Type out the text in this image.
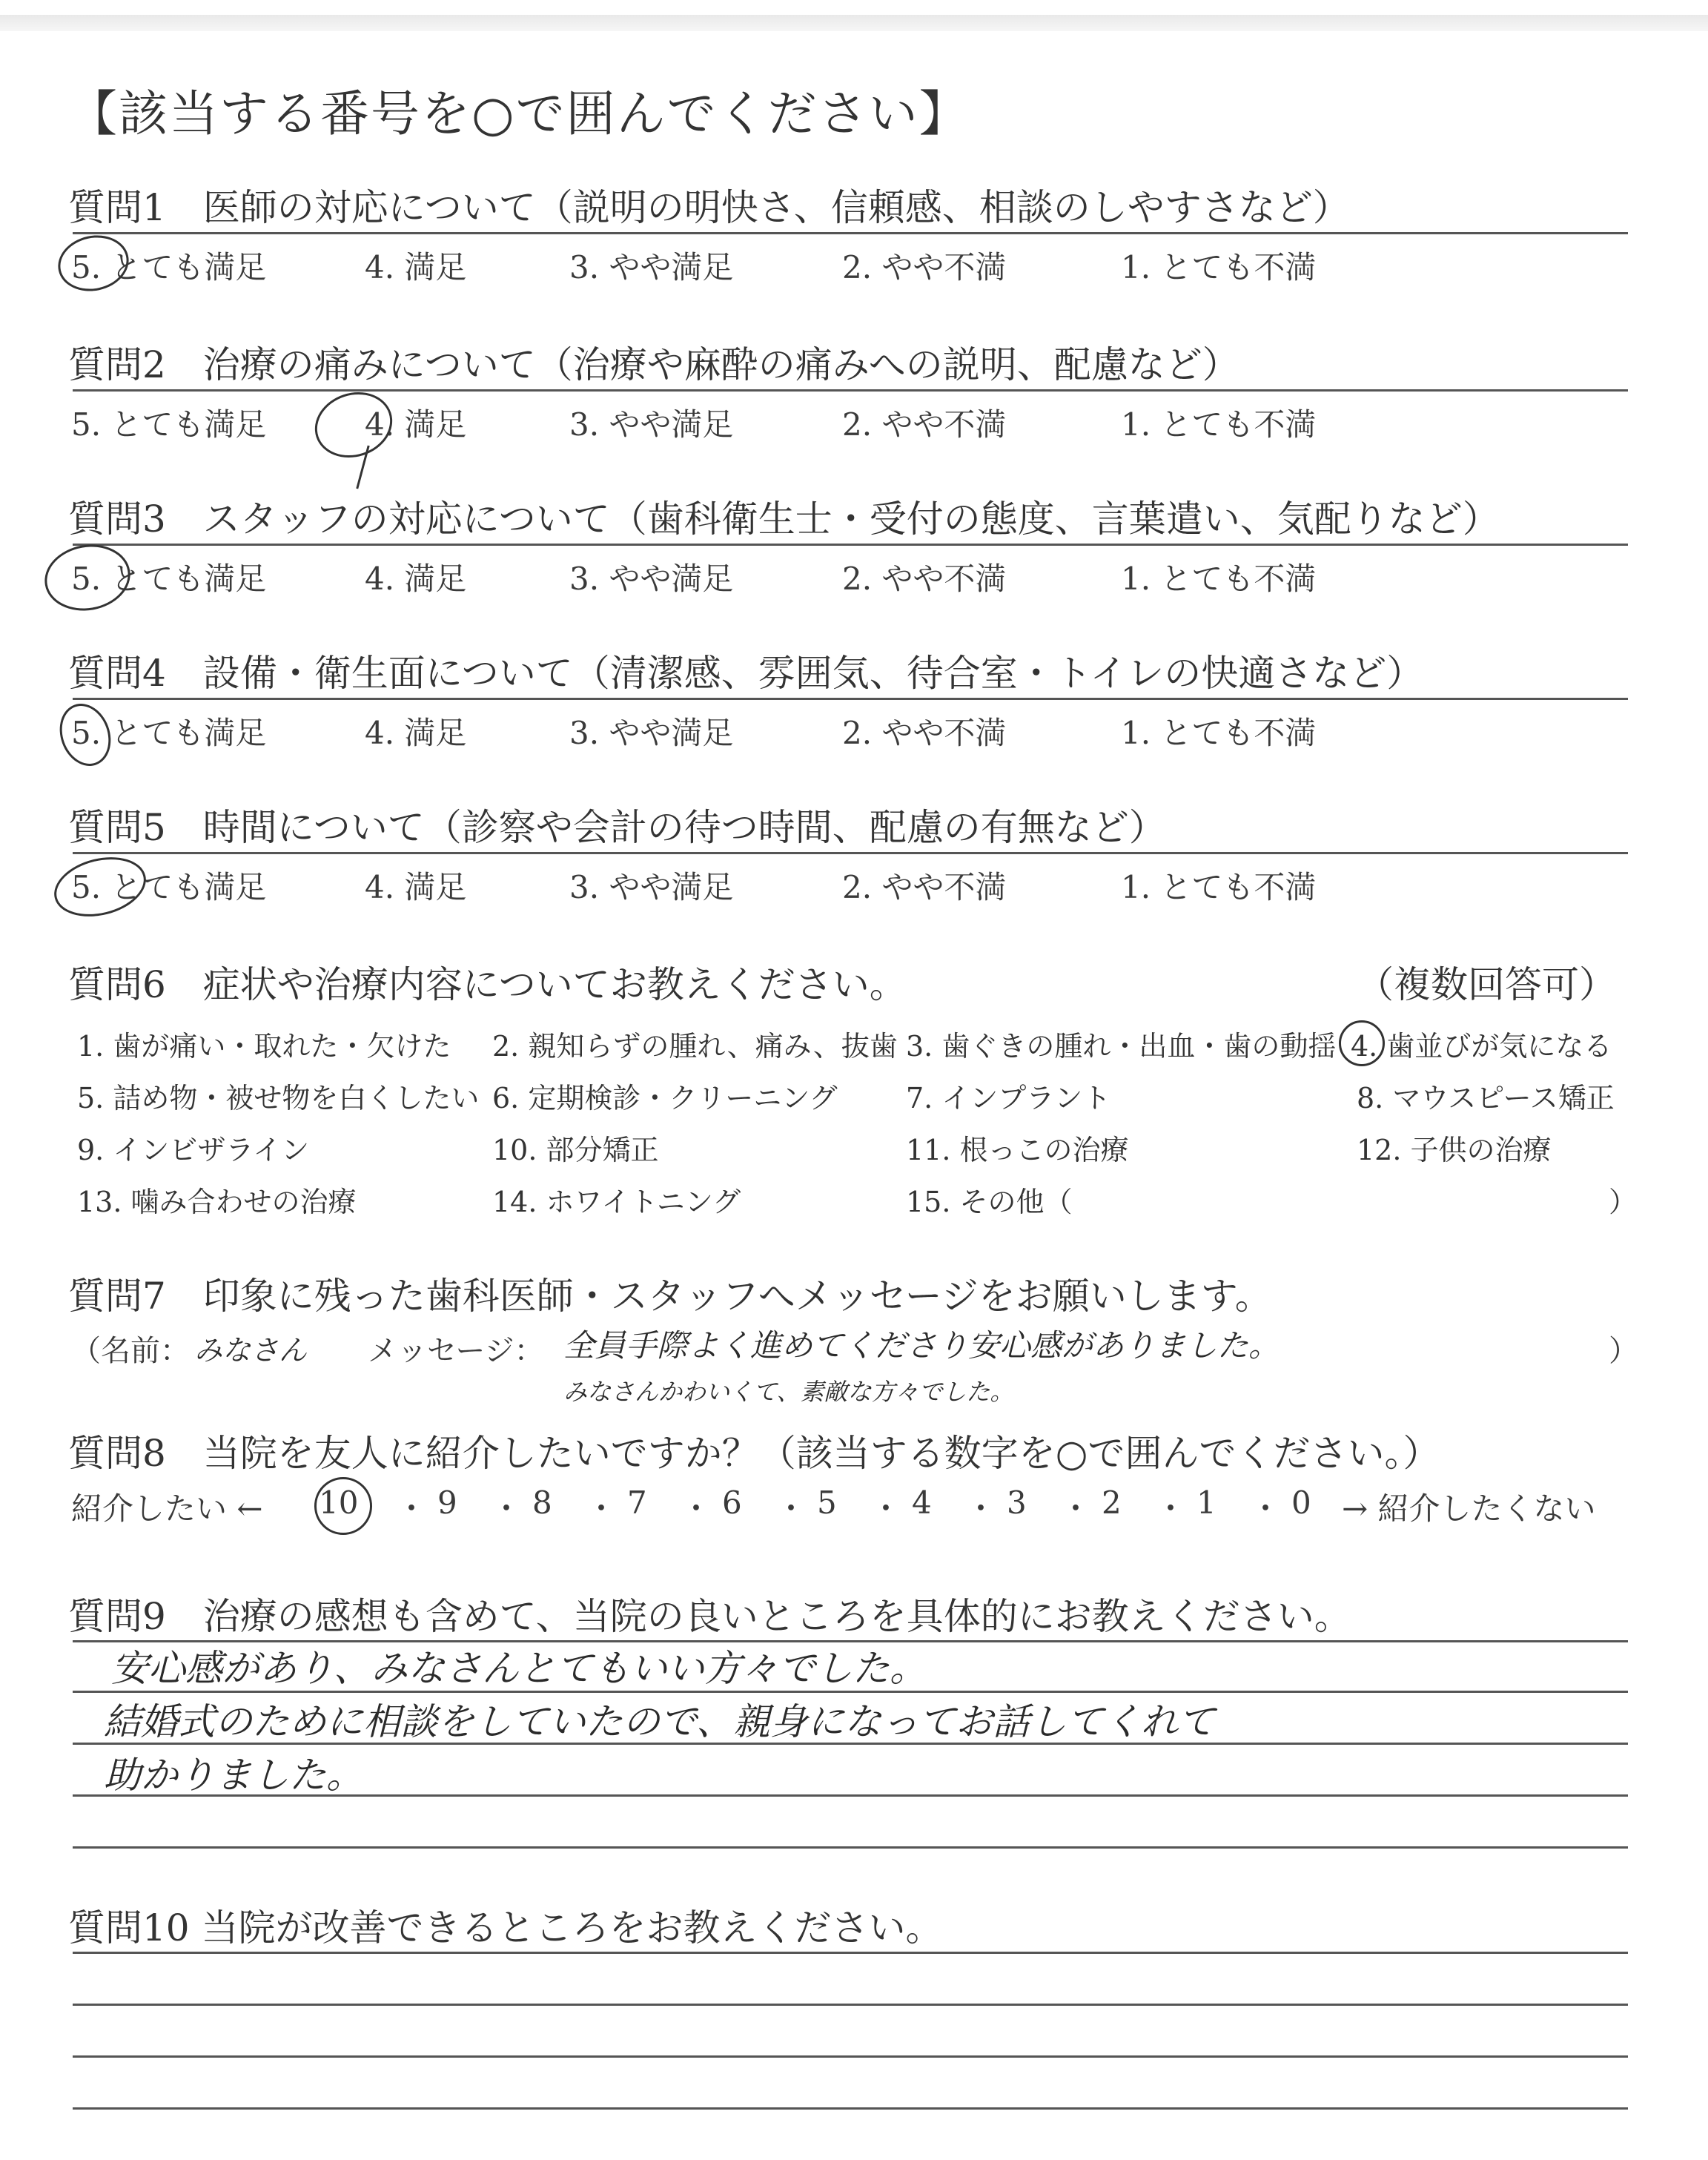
【該当する番号を○で囲んでください】
質問1　医師の対応について（説明の明快さ、信頼感、相談のしやすさなど）
5. とても満足	4. 満足	3. やや満足	2. やや不満	1. とても不満
質問2　治療の痛みについて（治療や麻酔の痛みへの説明、配慮など）
5. とても満足	4. 満足	3. やや満足	2. やや不満	1. とても不満
質問3　スタッフの対応について（歯科衛生士・受付の態度、言葉遣い、気配りなど）
5. とても満足	4. 満足	3. やや満足	2. やや不満	1. とても不満
質問4　設備・衛生面について（清潔感、雰囲気、待合室・トイレの快適さなど）
5. とても満足	4. 満足	3. やや満足	2. やや不満	1. とても不満
質問5　時間について（診察や会計の待つ時間、配慮の有無など）
5. とても満足	4. 満足	3. やや満足	2. やや不満	1. とても不満
質問6　症状や治療内容についてお教えください。	（複数回答可）
1. 歯が痛い・取れた・欠けた 2. 親知らずの腫れ、痛み、抜歯 3. 歯ぐきの腫れ・出血・歯の動揺 4. 歯並びが気になる
5. 詰め物・被せ物を白くしたい 6. 定期検診・クリーニング 7. インプラント	8. マウスピース矯正
9. インビザライン	10. 部分矯正	11. 根っこの治療	12. 子供の治療
13. 噛み合わせの治療	14. ホワイトニング	15. その他（	）
質問7　印象に残った歯科医師・スタッフへメッセージをお願いします。
（名前： みなさん メッセージ： 全員手際よく進めてくださり安心感がありました。
みなさんかわいくて、素敵な方々でした。
）
質問8　当院を友人に紹介したいですか？（該当する数字を○で囲んでください。）
紹介したい ← 10 ・ 9 ・ 8 ・ 7 ・ 6 ・ 5 ・ 4 ・ 3 ・ 2 ・ 1 ・ 0 → 紹介したくない
質問9　治療の感想も含めて、当院の良いところを具体的にお教えください。
安心感があり、みなさんとてもいい方々でした。
結婚式のために相談をしていたので、親身になってお話してくれて
助かりました。
質問10 当院が改善できるところをお教えください。
